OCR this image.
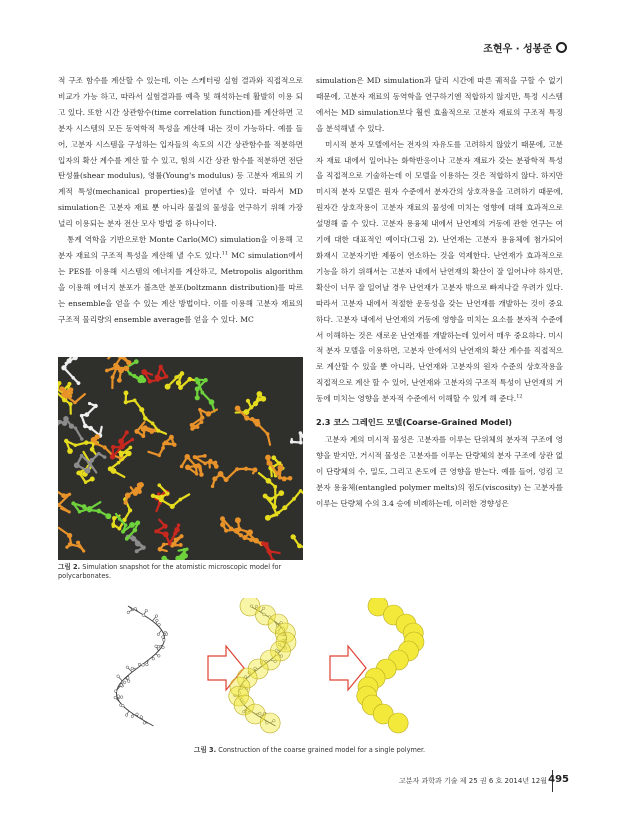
조현우 · 성봉준

적 구조 함수를 계산할 수 있는데, 이는 스케터링 실험 결과와 직접적으로 비교가 가능 하고, 따라서 실험결과를 예측 및 해석하는데 활발히 이용 되고 있다. 또한 시간 상관함수(time correlation function)를 계산하면 고분자 시스템의 모든 동역학적 특성을 계산해 내는 것이 가능하다. 예를 들어, 고분자 시스템을 구성하는 입자들의 속도의 시간 상관함수를 적분하면 입자의 확산 계수를 계산 할 수 있고, 힘의 시간 상관 함수를 적분하면 전단 탄성률(shear modulus), 영률(Young's modulus) 등 고분자 재료의 기계적 특성(mechanical properties)을 얻어낼 수 있다. 따라서 MD simulation은 고분자 재료 뿐 아니라 물질의 물성을 연구하기 위해 가장 널리 이용되는 분자 전산 모사 방법 중 하나이다.

통계 역학을 기반으로한 Monte Carlo(MC) simulation을 이용해 고분자 재료의 구조적 특성을 계산해 낼 수도 있다.$^{11}$ MC simulation에서는 PES를 이용해 시스템의 에너지를 계산하고, Metropolis algorithm을 이용해 에너지 분포가 볼츠만 분포(boltzmann distribution)를 따르는 ensemble을 얻을 수 있는 계산 방법이다. 이를 이용해 고분자 재료의 구조적 물리량의 ensemble average를 얻을 수 있다. MC

simulation은 MD simulation과 달리 시간에 따른 궤적을 구할 수 없기 때문에, 고분자 재료의 동역학을 연구하기엔 적합하지 않지만, 특정 시스템에서는 MD simulation보다 훨씬 효율적으로 고분자 재료의 구조적 특징을 분석해낼 수 있다.

미시적 분자 모델에서는 전자의 자유도를 고려하지 않았기 때문에, 고분자 재료 내에서 일어나는 화학반응이나 고분자 재료가 갖는 분광학적 특성을 직접적으로 기술하는데 이 모델을 이용하는 것은 적합하지 않다. 하지만 미시적 분자 모델은 원자 수준에서 분자간의 상호작용을 고려하기 때문에, 원자간 상호작용이 고분자 재료의 물성에 미치는 영향에 대해 효과적으로 설명해 줄 수 있다. 고분자 용융체 내에서 난연제의 거동에 관한 연구는 여기에 대한 대표적인 예이다(그림 2). 난연재는 고분자 용융체에 첨가되어 화재시 고분자기반 제품이 연소하는 것을 억제한다. 난연재가 효과적으로 기능을 하기 위해서는 고분자 내에서 난연재의 확산이 잘 일어나야 하지만, 확산이 너무 잘 일어날 경우 난연재가 고분자 밖으로 빠져나갈 우려가 있다. 따라서 고분자 내에서 적절한 운동성을 갖는 난연재를 개발하는 것이 중요하다. 고분자 내에서 난연재의 거동에 영향을 미치는 요소를 분자적 수준에서 이해하는 것은 새로운 난연재를 개발하는데 있어서 매우 중요하다. 미시적 분자 모델을 이용하면, 고분자 안에서의 난연재의 확산 계수를 직접적으로 계산할 수 있을 뿐 아니라, 난연재와 고분자의 원자 수준의 상호작용을 직접적으로 계산 할 수 있어, 난연재와 고분자의 구조적 특성이 난연재의 거동에 미치는 영향을 분자적 수준에서 이해할 수 있게 해 준다.$^{12}$

2.3 코스 그레인드 모델(Coarse-Grained Model)

고분자 계의 미시적 물성은 고분자를 이루는 단위체의 분자적 구조에 영향을 받지만, 거시적 물성은 고분자를 이루는 단량체의 분자 구조에 상관 없이 단량체의 수, 밀도, 그리고 온도에 큰 영향을 받는다. 예를 들어, 엉킴 고분자 용융체(entangled polymer melts)의 점도(viscosity) 는 고분자를 이루는 단량체 수의 3.4 승에 비례하는데, 이러한 경향성은

그림 2. Simulation snapshot for the atomistic microscopic model for polycarbonates.
그림 3. Construction of the coarse grained model for a single polymer.
고분자 과학과 기술 제 25 권 6 호 2014년 12월 495
